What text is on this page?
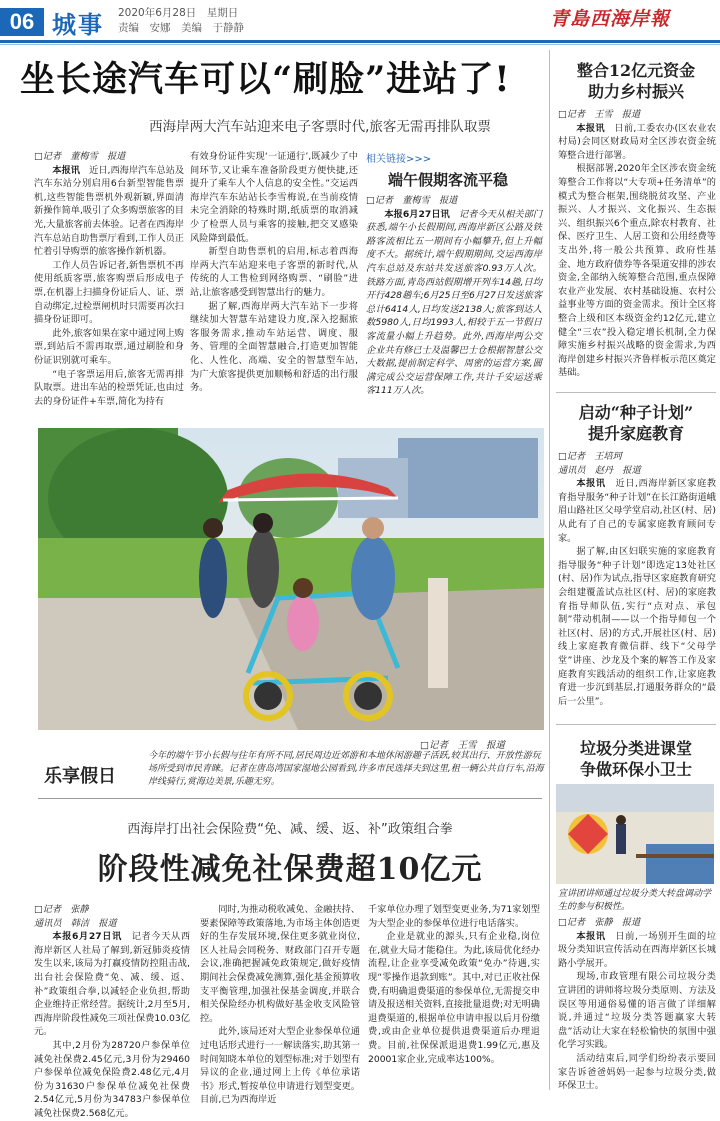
06 城事 2020年6月28日　星期日
责编　安娜　美编　于静静	青島西海岸報
坐长途汽车可以“刷脸”进站了!
西海岸两大汽车站迎来电子客票时代,旅客无需再排队取票

□记者　董梅雪　报道

本报讯　 近日,西海岸汽车总站及汽车东站分别启用6台新型智能售票机,这些智能售票机外观新颖,界面清新操作简单,吸引了众多购票旅客的目光,大量旅客前去体验。记者在西海岸汽车总站自助售票厅看到,工作人员正忙着引导购票的旅客操作新机器。

工作人员告诉记者,新售票机不再使用纸质客票,旅客购票后形成电子票,在机器上扫描身份证后人、证、票自动绑定,过检票闸机时只需要再次扫描身份证即可。

此外,旅客如果在家中通过网上购票,到站后不需再取票,通过刷脸和身份证识别就可乘车。

“电子客票运用后,旅客无需再排队取票。进出车站的检票凭证,也由过去的身份证件+车票,简化为持有

有效身份证件实现‘一证通行’,既减少了中间环节,又让乘车准备阶段更方便快捷,还提升了乘车人个人信息的安全性。”交运西海岸汽车东站站长李雪梅说,在当前疫情未完全消除的特殊时期,纸质票的取消减少了检票人员与乘客的接触,把交叉感染风险降到最低。

新型自助售票机的启用,标志着西海岸两大汽车站迎来电子客票的新时代,从传统的人工售检到网络购票、“刷脸”进站,让旅客感受到智慧出行的魅力。

据了解,西海岸两大汽车站下一步将继续加大智慧车站建设力度,深入挖掘旅客服务需求,推动车站运营、调度、服务、管理的全面智慧融合,打造更加智能化、人性化、高端、安全的智慧型车站,为广大旅客提供更加顺畅和舒适的出行服务。

相关链接>>>
端午假期客流平稳
□记者　董梅雪　报道

本报6月27日讯　 记者今天从相关部门获悉,端午小长假期间,西海岸新区公路及铁路客流相比五一期间有小幅攀升,但上升幅度不大。据统计,端午假期期间,交运西海岸汽车总站及东站共发送旅客0.93万人次。铁路方面,青岛西站假期增开列车14趟,日均开行428趟车;6月25日至6月27日发送旅客总计6414人,日均发送2138人;旅客到达人数5980人,日均1993人,相较于五一节假日客流量小幅上升趋势。此外,西海岸两公交企业共有修已士及温馨巴士仓根据智慧公交大数据,提前制定科学、周密的运营方案,圆满完成公交运营保障工作,共计千安运送乘客111万人次。

乐享假日
□记者　王雪　报道
今年的端午节小长假与往年有所不同,居民周边近郊游和本地休闲游趣子活跃,较其出行、开放性游玩场所受到市民青睐。记者在唐岛湾国家湿地公园看到,许多市民选择夫到这里,租一辆公共自行车,沿海岸线骑行,赏海边美景,乐趣无穷。
西海岸打出社会保险费“免、减、缓、返、补”政策组合拳
阶段性减免社保费超10亿元

□记者　张静

通讯员　韩洁　报道

本报6月27日讯　 记者今天从西海岸新区人社局了解到,新冠肺炎疫情发生以来,该局为打赢疫情防控阻击战,出台社会保险费“免、减、缓、返、补”政策组合拳,以减轻企业负担,帮助企业维持正常经营。据统计,2月至5月,西海岸阶段性减免三项社保费10.03亿元。

其中,2月份为28720户参保单位减免社保费2.45亿元,3月份为29460户参保单位减免保险费2.48亿元,4月份为31630户参保单位减免社保费2.54亿元,5月份为34783户参保单位减免社保费2.568亿元。

同时,为推动税收减免、金融扶持、要素保障等政策落地,为市场主体创造更好的生存发展环境,保住更多就业岗位,区人社局会同税务、财政部门召开专题会议,准确把握减免政策规定,做好疫情期间社会保费减免测算,强化基金预算收支平衡管理,加强社保基金调度,并联合相关保险经办机构做好基金收支风险管控。

此外,该局还对大型企业参保单位通过电话形式进行一一解读落实,助其第一时间知晓本单位的划型标准;对于划型有异议的企业,通过网上上传《单位承诺书》形式,暂按单位申请进行划型变更。目前,已为西海岸近

千家单位办理了划型变更业务,为71家划型为大型企业的参保单位进行电话落实。

企业是就业的源头,只有企业稳,岗位在,就业大局才能稳住。为此,该局优化经办流程,让企业享受减免政策“免办”待遇,实现“零操作退款到账”。其中,对已正收社保费,有明确退费渠道的参保单位,无需提交申请及报送相关资料,直接批量退费;对无明确退费渠道的,根据单位申请申报以后月份缴费,或由企业单位提供退费渠道后办理退费。目前,社保保派退退费1.99亿元,惠及20001家企业,完成率达100%。

整合12亿元资金
助力乡村振兴

□记者　王雪　报道

本报讯　 日前,工委农办(区农业农村局)会同区财政局对全区涉农资金统筹整合进行部署。

根据部署,2020年全区涉农资金统筹整合工作将以“大专项+任务清单”的模式为整合框架,围绕脱贫攻坚、产业振兴、人才振兴、文化振兴、生态振兴、组织振兴6个重点,除农村教育、社保、医疗卫生、人居工资和公用经费等支出外,将一般公共预算、政府性基金、地方政府债券等各渠道安排的涉农资金,全部纳入统筹整合范围,重点保障农业产业发展、农村基础设施、农村公益事业等方面的资金需求。预计全区将整合上级和区本级资金约12亿元,建立健全“三农”投入稳定增长机制,全力保障实施乡村振兴战略的资金需求,为西海岸创建乡村振兴齐鲁样板示范区奠定基础。

启动“种子计划”
提升家庭教育

□记者　王培珂

通讯员　赵丹　报道

本报讯　 近日,西海岸新区家庭教育指导服务“种子计划”在长江路街道峨眉山路社区父母学堂启动,社区(村、居)从此有了自己的专属家庭教育顾问专家。

据了解,由区妇联实施的家庭教育指导服务“种子计划”即选定13处社区(村、居)作为试点,指导区家庭教育研究会组建覆盖试点社区(村、居)的家庭教育指导师队伍,实行“点对点、承包制”带动机制——以一个指导师包一个社区(村、居)的方式,开展社区(村、居)线上家庭教育微信群、线下“父母学堂”讲座、沙龙及个案的解答工作及家庭教育实践活动的组织工作,让家庭教育进一步沉到基层,打通服务群众的“最后一公里”。

垃圾分类进课堂
争做环保小卫士
宣讲团讲师通过垃圾分类大转盘调动学生的参与积极性。

□记者　张静　报道

本报讯　 日前,一场别开生面的垃圾分类知识宣传活动在西海岸新区长城路小学展开。

现场,市政管理有限公司垃圾分类宣讲团的讲师将垃圾分类原则、方法及误区等用通俗易懂的语言做了详细解说,并通过“垃圾分类答题赢家大转盘”活动让大家在轻松愉快的氛围中强化学习实践。

活动结束后,同学们纷纷表示要回家告诉爸爸妈妈一起参与垃圾分类,做环保卫士。
